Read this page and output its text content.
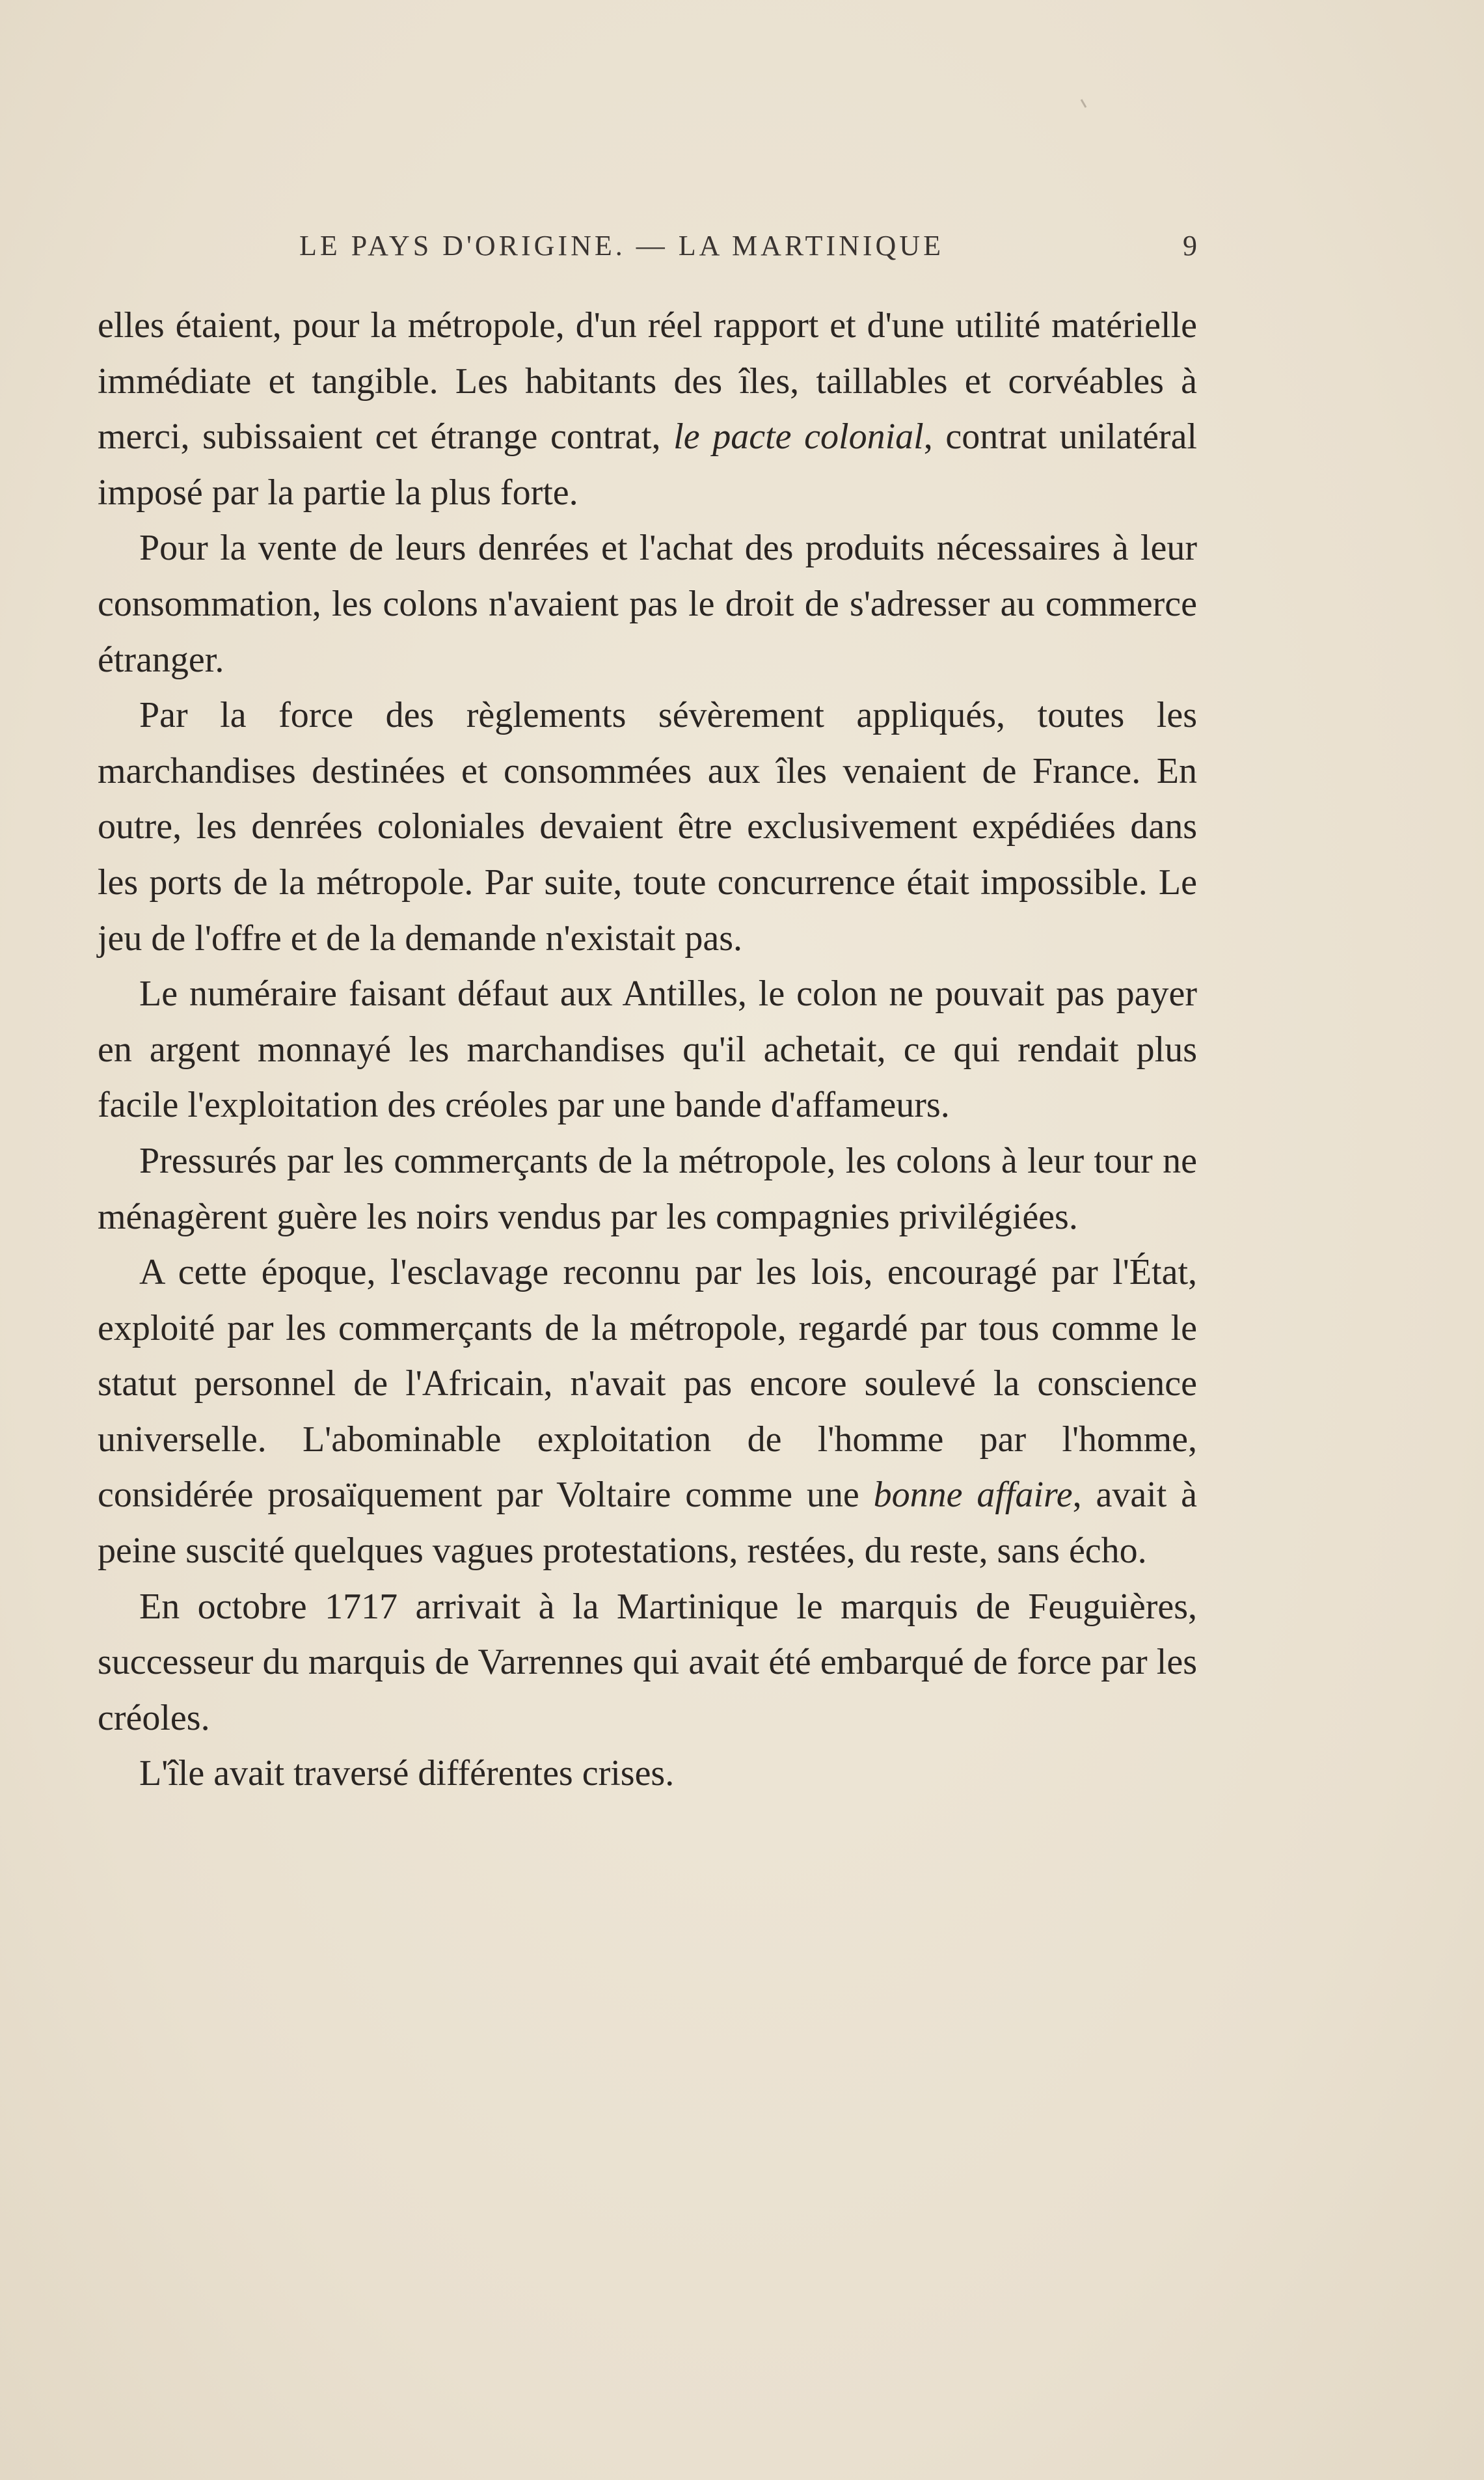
LE PAYS D'ORIGINE. — LA MARTINIQUE	9

elles étaient, pour la métropole, d'un réel rapport et d'une utilité matérielle immédiate et tangible. Les habitants des îles, taillables et corvéables à merci, subissaient cet étrange contrat, le pacte colonial, contrat unilatéral imposé par la partie la plus forte.

Pour la vente de leurs denrées et l'achat des produits nécessaires à leur consommation, les colons n'avaient pas le droit de s'adresser au commerce étranger.

Par la force des règlements sévèrement appliqués, toutes les marchandises destinées et consommées aux îles venaient de France. En outre, les denrées coloniales devaient être exclusivement expédiées dans les ports de la métropole. Par suite, toute concurrence était impossible. Le jeu de l'offre et de la demande n'existait pas.

Le numéraire faisant défaut aux Antilles, le colon ne pouvait pas payer en argent monnayé les marchandises qu'il achetait, ce qui rendait plus facile l'exploitation des créoles par une bande d'affameurs.

Pressurés par les commerçants de la métropole, les colons à leur tour ne ménagèrent guère les noirs vendus par les compagnies privilégiées.

A cette époque, l'esclavage reconnu par les lois, encouragé par l'État, exploité par les commerçants de la métropole, regardé par tous comme le statut personnel de l'Africain, n'avait pas encore soulevé la conscience universelle. L'abominable exploitation de l'homme par l'homme, considérée prosaïquement par Voltaire comme une bonne affaire, avait à peine suscité quelques vagues protestations, restées, du reste, sans écho.

En octobre 1717 arrivait à la Martinique le marquis de Feuguières, successeur du marquis de Varrennes qui avait été embarqué de force par les créoles.

L'île avait traversé différentes crises.
